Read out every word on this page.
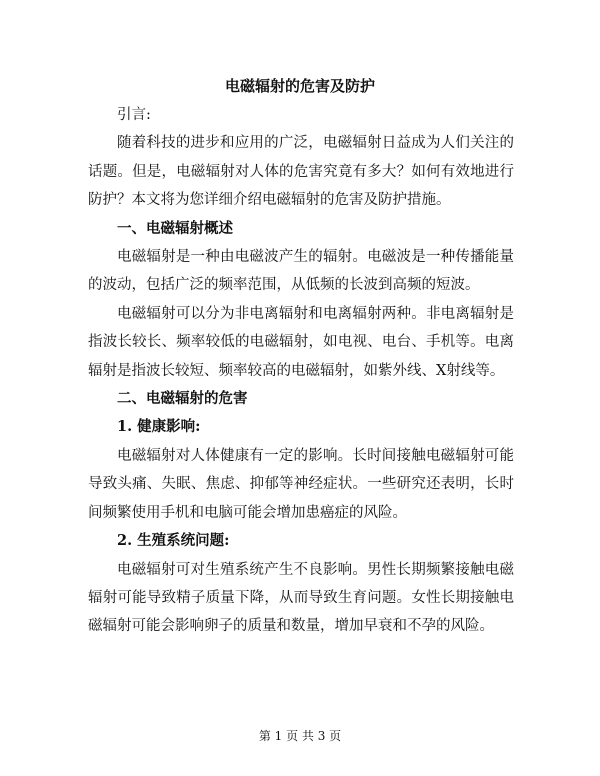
电磁辐射的危害及防护

引言:

随着科技的进步和应用的广泛，电磁辐射日益成为人们关注的话题。但是，电磁辐射对人体的危害究竟有多大？如何有效地进行防护？本文将为您详细介绍电磁辐射的危害及防护措施。

一、电磁辐射概述

电磁辐射是一种由电磁波产生的辐射。电磁波是一种传播能量的波动，包括广泛的频率范围，从低频的长波到高频的短波。

电磁辐射可以分为非电离辐射和电离辐射两种。非电离辐射是指波长较长、频率较低的电磁辐射，如电视、电台、手机等。电离辐射是指波长较短、频率较高的电磁辐射，如紫外线、X射线等。

二、电磁辐射的危害

1. 健康影响:

电磁辐射对人体健康有一定的影响。长时间接触电磁辐射可能导致头痛、失眠、焦虑、抑郁等神经症状。一些研究还表明，长时间频繁使用手机和电脑可能会增加患癌症的风险。

2. 生殖系统问题:

电磁辐射可对生殖系统产生不良影响。男性长期频繁接触电磁辐射可能导致精子质量下降，从而导致生育问题。女性长期接触电磁辐射可能会影响卵子的质量和数量，增加早衰和不孕的风险。

第 1 页 共 3 页
